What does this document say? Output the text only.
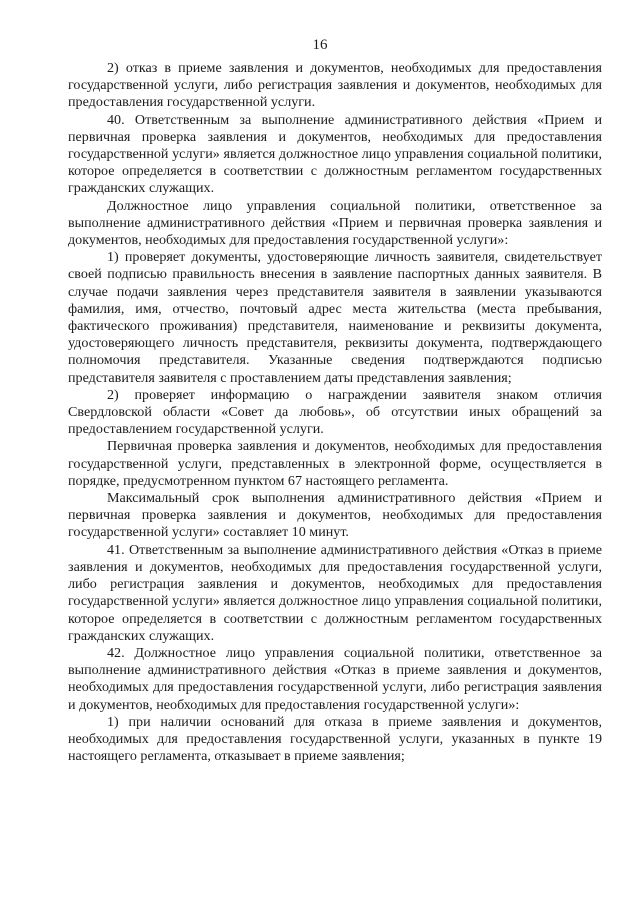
16

2) отказ в приеме заявления и документов, необходимых для предоставления государственной услуги, либо регистрация заявления и документов, необходимых для предоставления государственной услуги.

40. Ответственным за выполнение административного действия «Прием и первичная проверка заявления и документов, необходимых для предоставления государственной услуги» является должностное лицо управления социальной политики, которое определяется в соответствии с должностным регламентом государственных гражданских служащих.

Должностное лицо управления социальной политики, ответственное за выполнение административного действия «Прием и первичная проверка заявления и документов, необходимых для предоставления государственной услуги»:

1) проверяет документы, удостоверяющие личность заявителя, свидетельствует своей подписью правильность внесения в заявление паспортных данных заявителя. В случае подачи заявления через представителя заявителя в заявлении указываются фамилия, имя, отчество, почтовый адрес места жительства (места пребывания, фактического проживания) представителя, наименование и реквизиты документа, удостоверяющего личность представителя, реквизиты документа, подтверждающего полномочия представителя. Указанные сведения подтверждаются подписью представителя заявителя с проставлением даты представления заявления;

2) проверяет информацию о награждении заявителя знаком отличия Свердловской области «Совет да любовь», об отсутствии иных обращений за предоставлением государственной услуги.

Первичная проверка заявления и документов, необходимых для предоставления государственной услуги, представленных в электронной форме, осуществляется в порядке, предусмотренном пунктом 67 настоящего регламента.

Максимальный срок выполнения административного действия «Прием и первичная проверка заявления и документов, необходимых для предоставления государственной услуги» составляет 10 минут.

41. Ответственным за выполнение административного действия «Отказ в приеме заявления и документов, необходимых для предоставления государственной услуги, либо регистрация заявления и документов, необходимых для предоставления государственной услуги» является должностное лицо управления социальной политики, которое определяется в соответствии с должностным регламентом государственных гражданских служащих.

42. Должностное лицо управления социальной политики, ответственное за выполнение административного действия «Отказ в приеме заявления и документов, необходимых для предоставления государственной услуги, либо регистрация заявления и документов, необходимых для предоставления государственной услуги»:

1) при наличии оснований для отказа в приеме заявления и документов, необходимых для предоставления государственной услуги, указанных в пункте 19 настоящего регламента, отказывает в приеме заявления;
